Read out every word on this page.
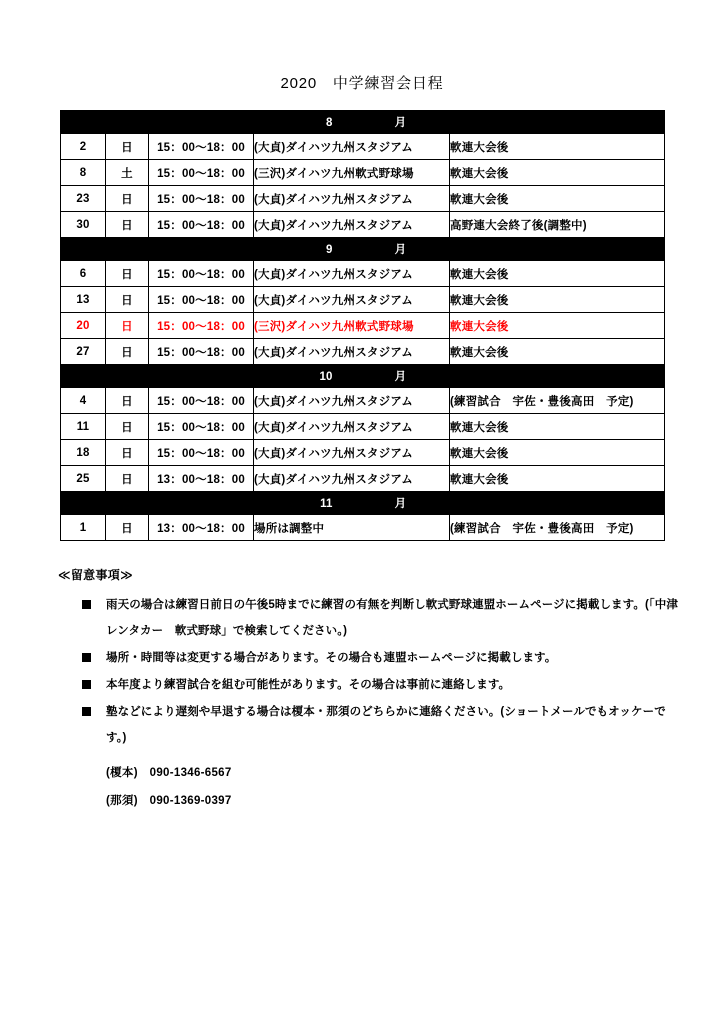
2020　中学練習会日程
8 月				
2	日	15：00～18：00	(大貞)ダイハツ九州スタジアム	軟連大会後
8	土	15：00～18：00	(三沢)ダイハツ九州軟式野球場	軟連大会後
23	日	15：00～18：00	(大貞)ダイハツ九州スタジアム	軟連大会後
30	日	15：00～18：00	(大貞)ダイハツ九州スタジアム	高野連大会終了後(調整中)
9 月				
6	日	15：00～18：00	(大貞)ダイハツ九州スタジアム	軟連大会後
13	日	15：00～18：00	(大貞)ダイハツ九州スタジアム	軟連大会後
20	日	15：00～18：00	(三沢)ダイハツ九州軟式野球場	軟連大会後
27	日	15：00～18：00	(大貞)ダイハツ九州スタジアム	軟連大会後
10 月				
4	日	15：00～18：00	(大貞)ダイハツ九州スタジアム	(練習試合　宇佐・豊後高田　予定)
11	日	15：00～18：00	(大貞)ダイハツ九州スタジアム	軟連大会後
18	日	15：00～18：00	(大貞)ダイハツ九州スタジアム	軟連大会後
25	日	13：00～18：00	(大貞)ダイハツ九州スタジアム	軟連大会後
11 月				
1	日	13：00～18：00	場所は調整中	(練習試合　宇佐・豊後高田　予定)
≪留意事項≫
雨天の場合は練習日前日の午後5時までに練習の有無を判断し軟式野球連盟ホームページに掲載します。(「中津レンタカー　軟式野球」で検索してください。)
場所・時間等は変更する場合があります。その場合も連盟ホームページに掲載します。
本年度より練習試合を組む可能性があります。その場合は事前に連絡します。
塾などにより遅刻や早退する場合は榎本・那須のどちらかに連絡ください。(ショートメールでもオッケーです。)
(榎本)　090-1346-6567
(那須)　090-1369-0397
